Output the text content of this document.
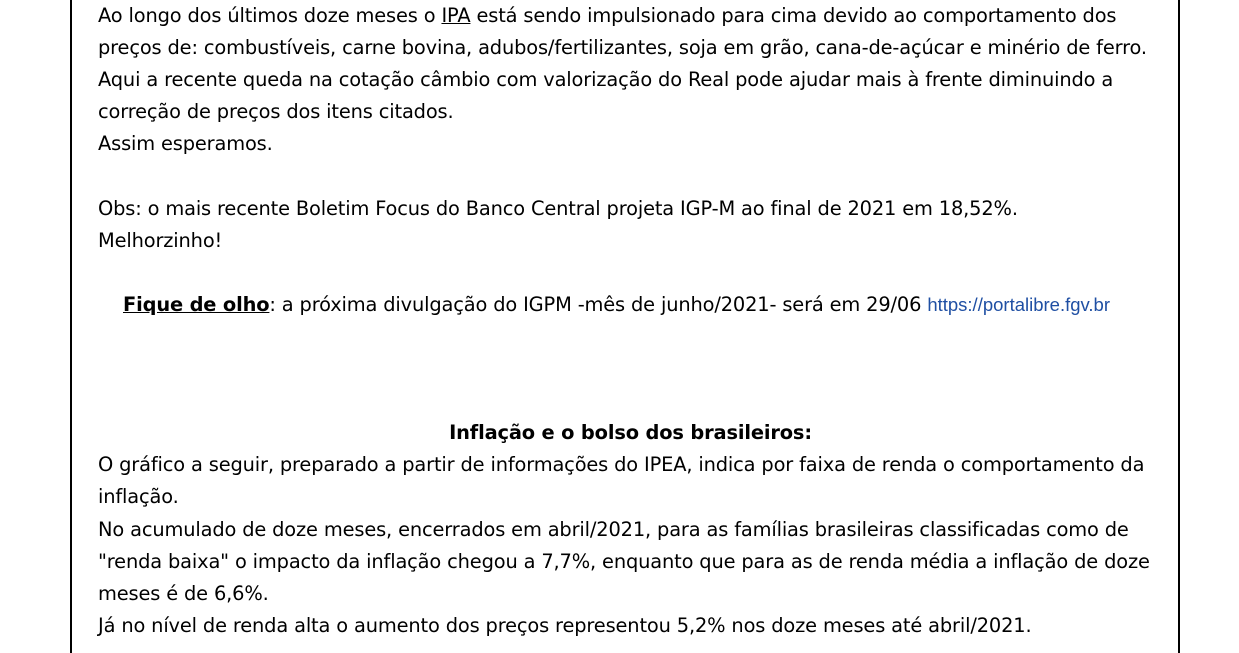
Ao longo dos últimos doze meses o IPA está sendo impulsionado para cima devido ao comportamento dos

preços de: combustíveis, carne bovina, adubos/fertilizantes, soja em grão, cana-de-açúcar e minério de ferro.

Aqui a recente queda na cotação câmbio com valorização do Real pode ajudar mais à frente diminuindo a

correção de preços dos itens citados.

Assim esperamos.

Obs: o mais recente Boletim Focus do Banco Central projeta IGP-M ao final de 2021 em 18,52%.

Melhorzinho!

Fique de olho: a próxima divulgação do IGPM -mês de junho/2021- será em 29/06 https://portalibre.fgv.br

Inflação e o bolso dos brasileiros:

O gráfico a seguir, preparado a partir de informações do IPEA, indica por faixa de renda o comportamento da

inflação.

No acumulado de doze meses, encerrados em abril/2021, para as famílias brasileiras classificadas como de

"renda baixa" o impacto da inflação chegou a 7,7%, enquanto que para as de renda média a inflação de doze

meses é de 6,6%.

Já no nível de renda alta o aumento dos preços representou 5,2% nos doze meses até abril/2021.
